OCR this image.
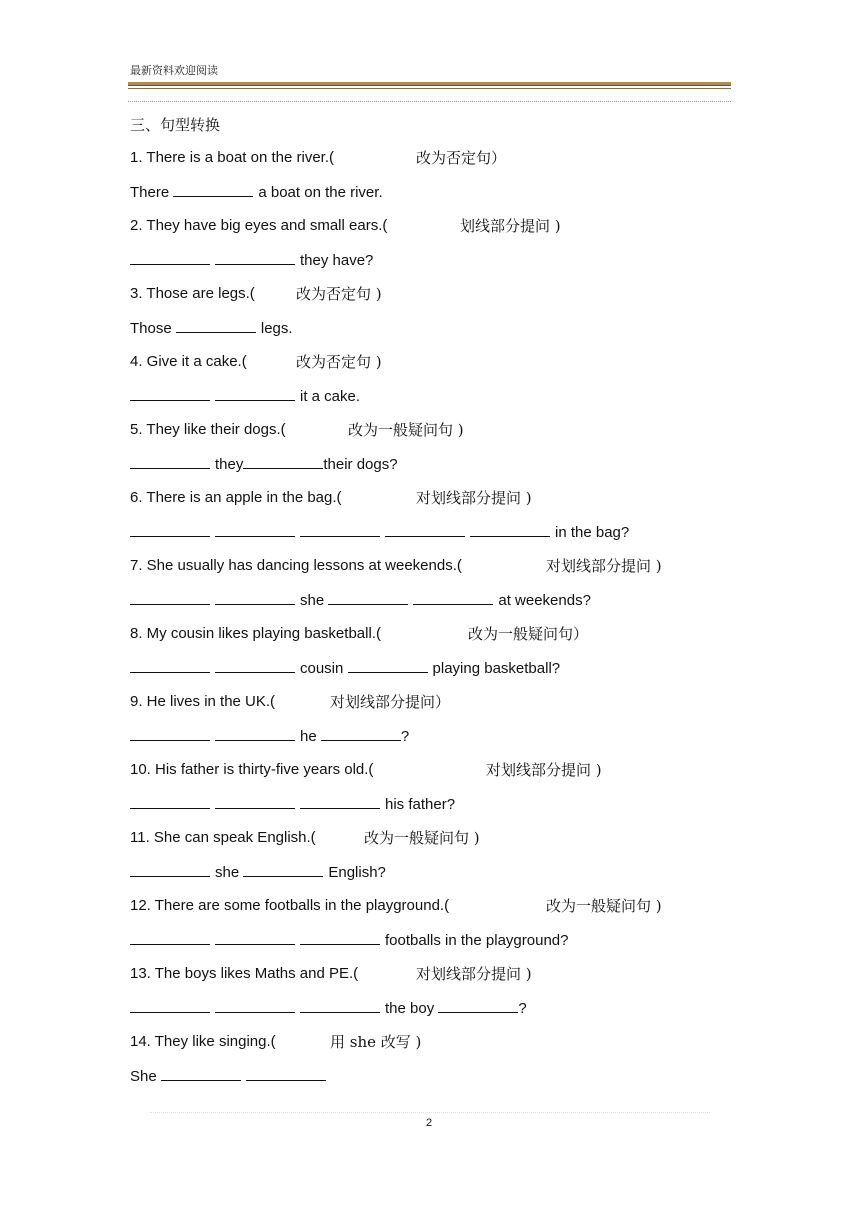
最新资料欢迎阅读
三、句型转换
1. There is a boat on the river.(	改为否定句）
There	a boat on the river.
2. They have big eyes and small ears.(	划线部分提问 )
they have?
3. Those are legs.(	改为否定句 )
Those	legs.
4. Give it a cake.(	改为否定句 )
it a cake.
5. They like their dogs.(	改为一般疑问句 )
they	their dogs?
6. There is an apple in the bag.(	对划线部分提问 )
in the bag?
7. She usually has dancing lessons at weekends.(	对划线部分提问 )
she	at weekends?
8. My cousin likes playing basketball.(	改为一般疑问句）
cousin	playing basketball?
9. He lives in the UK.(	对划线部分提问）
he	?
10. His father is thirty-five years old.(	对划线部分提问 )
his father?
11. She can speak English.(	改为一般疑问句 )
she	English?
12. There are some footballs in the playground.(	改为一般疑问句 )
footballs in the playground?
13. The boys likes Maths and PE.(	对划线部分提问 )
the boy	?
14. They like singing.(	用 she 改写 )
She
2
